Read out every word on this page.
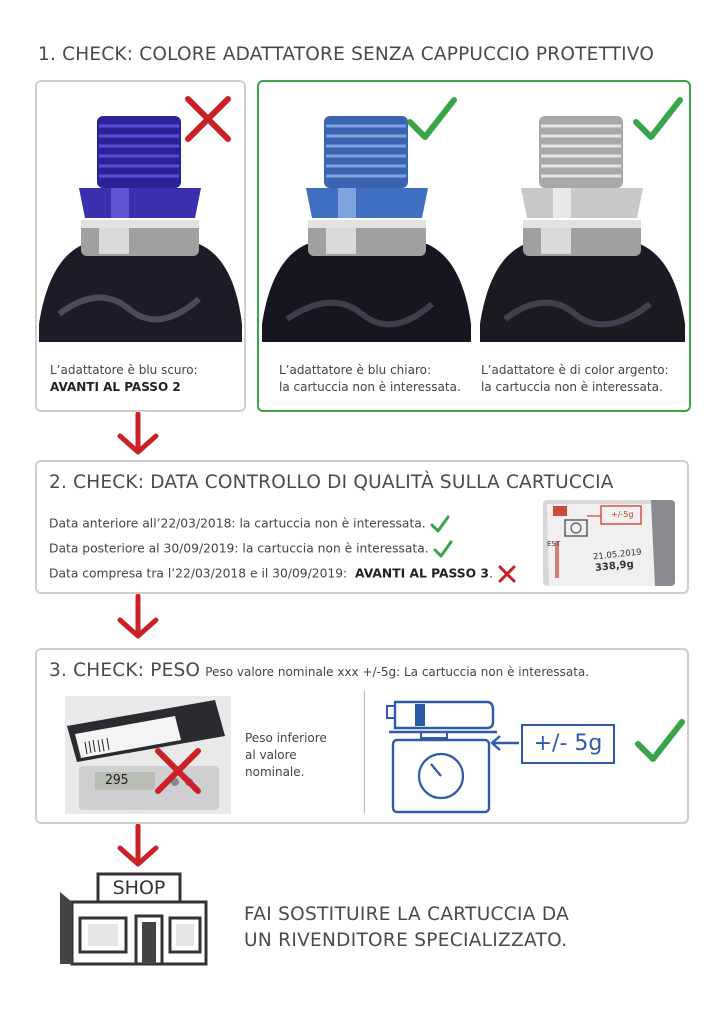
1. CHECK: COLORE ADATTATORE SENZA CAPPUCCIO PROTETTIVO
L’adattatore è blu scuro:
AVANTI AL PASSO 2
L’adattatore è blu chiaro:
la cartuccia non è interessata.
L’adattatore è di color argento:
la cartuccia non è interessata.
2. CHECK: DATA CONTROLLO DI QUALITÀ SULLA CARTUCCIA
Data anteriore all’22/03/2018: la cartuccia non è interessata.
Data posteriore al 30/09/2019: la cartuccia non è interessata.
Data compresa tra l’22/03/2018 e il 30/09/2019: AVANTI AL PASSO 3.
+/-5g
21.05.2019
338,9g
EST
3. CHECK: PESO Peso valore nominale xxx +/-5g: La cartuccia non è interessata.
295
Peso inferiore
al valore
nominale.
+/- 5g
SHOP
FAI SOSTITUIRE LA CARTUCCIA DA
UN RIVENDITORE SPECIALIZZATO.
